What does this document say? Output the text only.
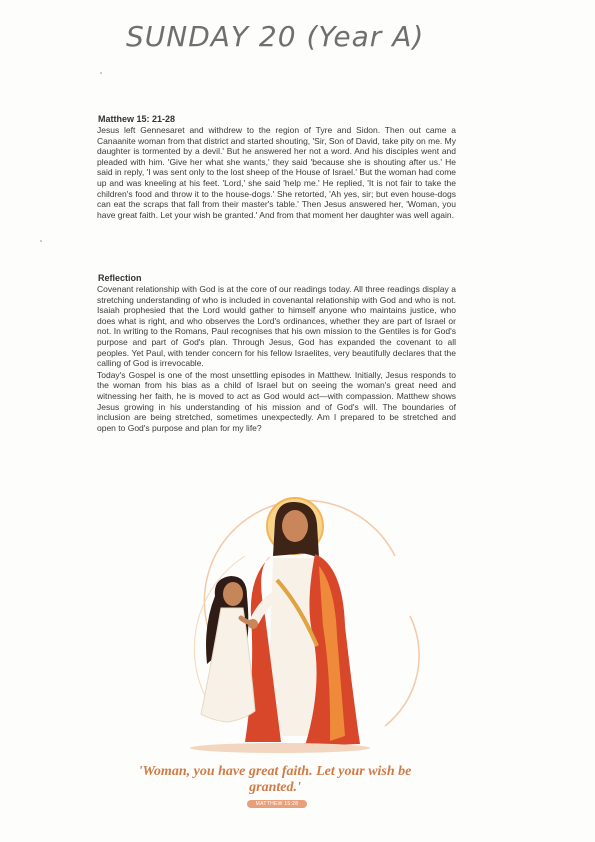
SUNDAY 20 (Year A)
Matthew 15: 21-28
Jesus left Gennesaret and withdrew to the region of Tyre and Sidon. Then out came a Canaanite woman from that district and started shouting, 'Sir, Son of David, take pity on me. My daughter is tormented by a devil.' But he answered her not a word. And his disciples went and pleaded with him. 'Give her what she wants,' they said 'because she is shouting after us.' He said in reply, 'I was sent only to the lost sheep of the House of Israel.' But the woman had come up and was kneeling at his feet. 'Lord,' she said 'help me.' He replied, 'It is not fair to take the children's food and throw it to the house-dogs.' She retorted, 'Ah yes, sir; but even house-dogs can eat the scraps that fall from their master's table.' Then Jesus answered her, 'Woman, you have great faith. Let your wish be granted.' And from that moment her daughter was well again.
Reflection

Covenant relationship with God is at the core of our readings today. All three readings display a stretching understanding of who is included in covenantal relationship with God and who is not. Isaiah prophesied that the Lord would gather to himself anyone who maintains justice, who does what is right, and who observes the Lord's ordinances, whether they are part of Israel or not. In writing to the Romans, Paul recognises that his own mission to the Gentiles is for God's purpose and part of God's plan. Through Jesus, God has expanded the covenant to all peoples. Yet Paul, with tender concern for his fellow Israelites, very beautifully declares that the calling of God is irrevocable.

Today's Gospel is one of the most unsettling episodes in Matthew. Initially, Jesus responds to the woman from his bias as a child of Israel but on seeing the woman's great need and witnessing her faith, he is moved to act as God would act—with compassion. Matthew shows Jesus growing in his understanding of his mission and of God's will. The boundaries of inclusion are being stretched, sometimes unexpectedly. Am I prepared to be stretched and open to God's purpose and plan for my life?

'Woman, you have great faith. Let your wish be granted.'
MATTHEW 15:28
